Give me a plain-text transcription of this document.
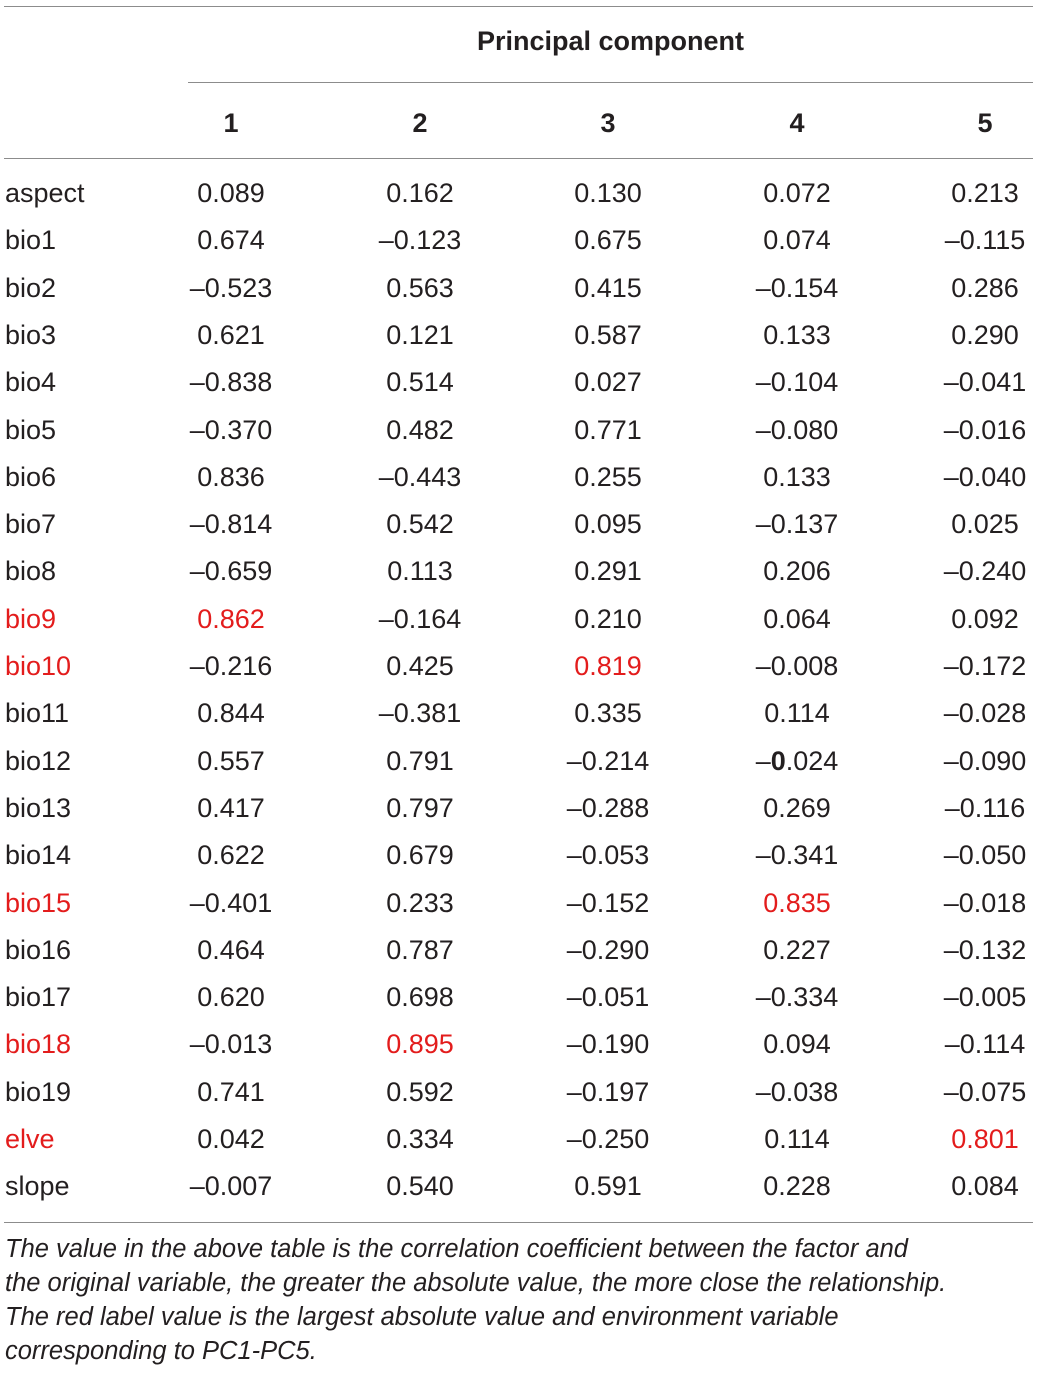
Principal component
1	2	3	4	5
aspect	0.089	0.162	0.130	0.072	0.213
bio1	0.674	–0.123	0.675	0.074	–0.115
bio2	–0.523	0.563	0.415	–0.154	0.286
bio3	0.621	0.121	0.587	0.133	0.290
bio4	–0.838	0.514	0.027	–0.104	–0.041
bio5	–0.370	0.482	0.771	–0.080	–0.016
bio6	0.836	–0.443	0.255	0.133	–0.040
bio7	–0.814	0.542	0.095	–0.137	0.025
bio8	–0.659	0.113	0.291	0.206	–0.240
bio9	0.862	–0.164	0.210	0.064	0.092
bio10	–0.216	0.425	0.819	–0.008	–0.172
bio11	0.844	–0.381	0.335	0.114	–0.028
bio12	0.557	0.791	–0.214	–0.024	–0.090
bio13	0.417	0.797	–0.288	0.269	–0.116
bio14	0.622	0.679	–0.053	–0.341	–0.050
bio15	–0.401	0.233	–0.152	0.835	–0.018
bio16	0.464	0.787	–0.290	0.227	–0.132
bio17	0.620	0.698	–0.051	–0.334	–0.005
bio18	–0.013	0.895	–0.190	0.094	–0.114
bio19	0.741	0.592	–0.197	–0.038	–0.075
elve	0.042	0.334	–0.250	0.114	0.801
slope	–0.007	0.540	0.591	0.228	0.084
The value in the above table is the correlation coefficient between the factor and
the original variable, the greater the absolute value, the more close the relationship.
The red label value is the largest absolute value and environment variable
corresponding to PC1-PC5.
